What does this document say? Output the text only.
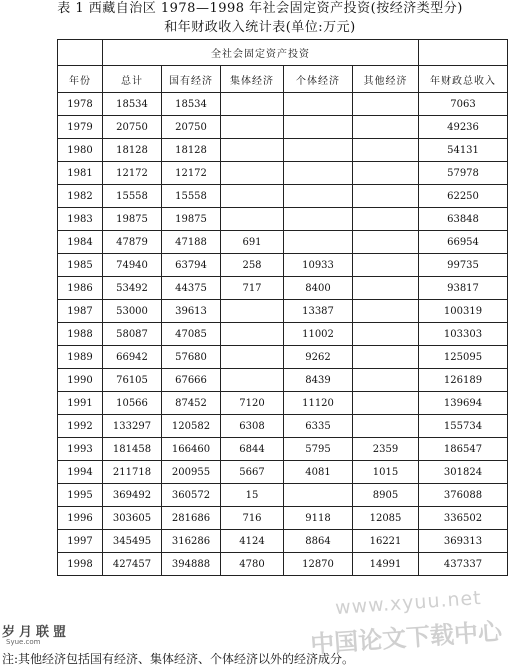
表 1 西藏自治区 1978—1998 年社会固定资产投资(按经济类型分)
和年财政收入统计表(单位:万元)
	全社会固定资产投资					
年份	总计	国有经济	集体经济	个体经济	其他经济	年财政总收入
1978	18534	18534				7063
1979	20750	20750				49236
1980	18128	18128				54131
1981	12172	12172				57978
1982	15558	15558				62250
1983	19875	19875				63848
1984	47879	47188	691			66954
1985	74940	63794	258	10933		99735
1986	53492	44375	717	8400		93817
1987	53000	39613		13387		100319
1988	58087	47085		11002		103303
1989	66942	57680		9262		125095
1990	76105	67666		8439		126189
1991	10566	87452	7120	11120		139694
1992	133297	120582	6308	6335		155734
1993	181458	166460	6844	5795	2359	186547
1994	211718	200955	5667	4081	1015	301824
1995	369492	360572	15		8905	376088
1996	303605	281686	716	9118	12085	336502
1997	345495	316286	4124	8864	16221	369313
1998	427457	394888	4780	12870	14991	437337
www.xyuu.net
中国论文下载中心
岁月联盟
Syue.com
注:其他经济包括国有经济、集体经济、个体经济以外的经济成分。
